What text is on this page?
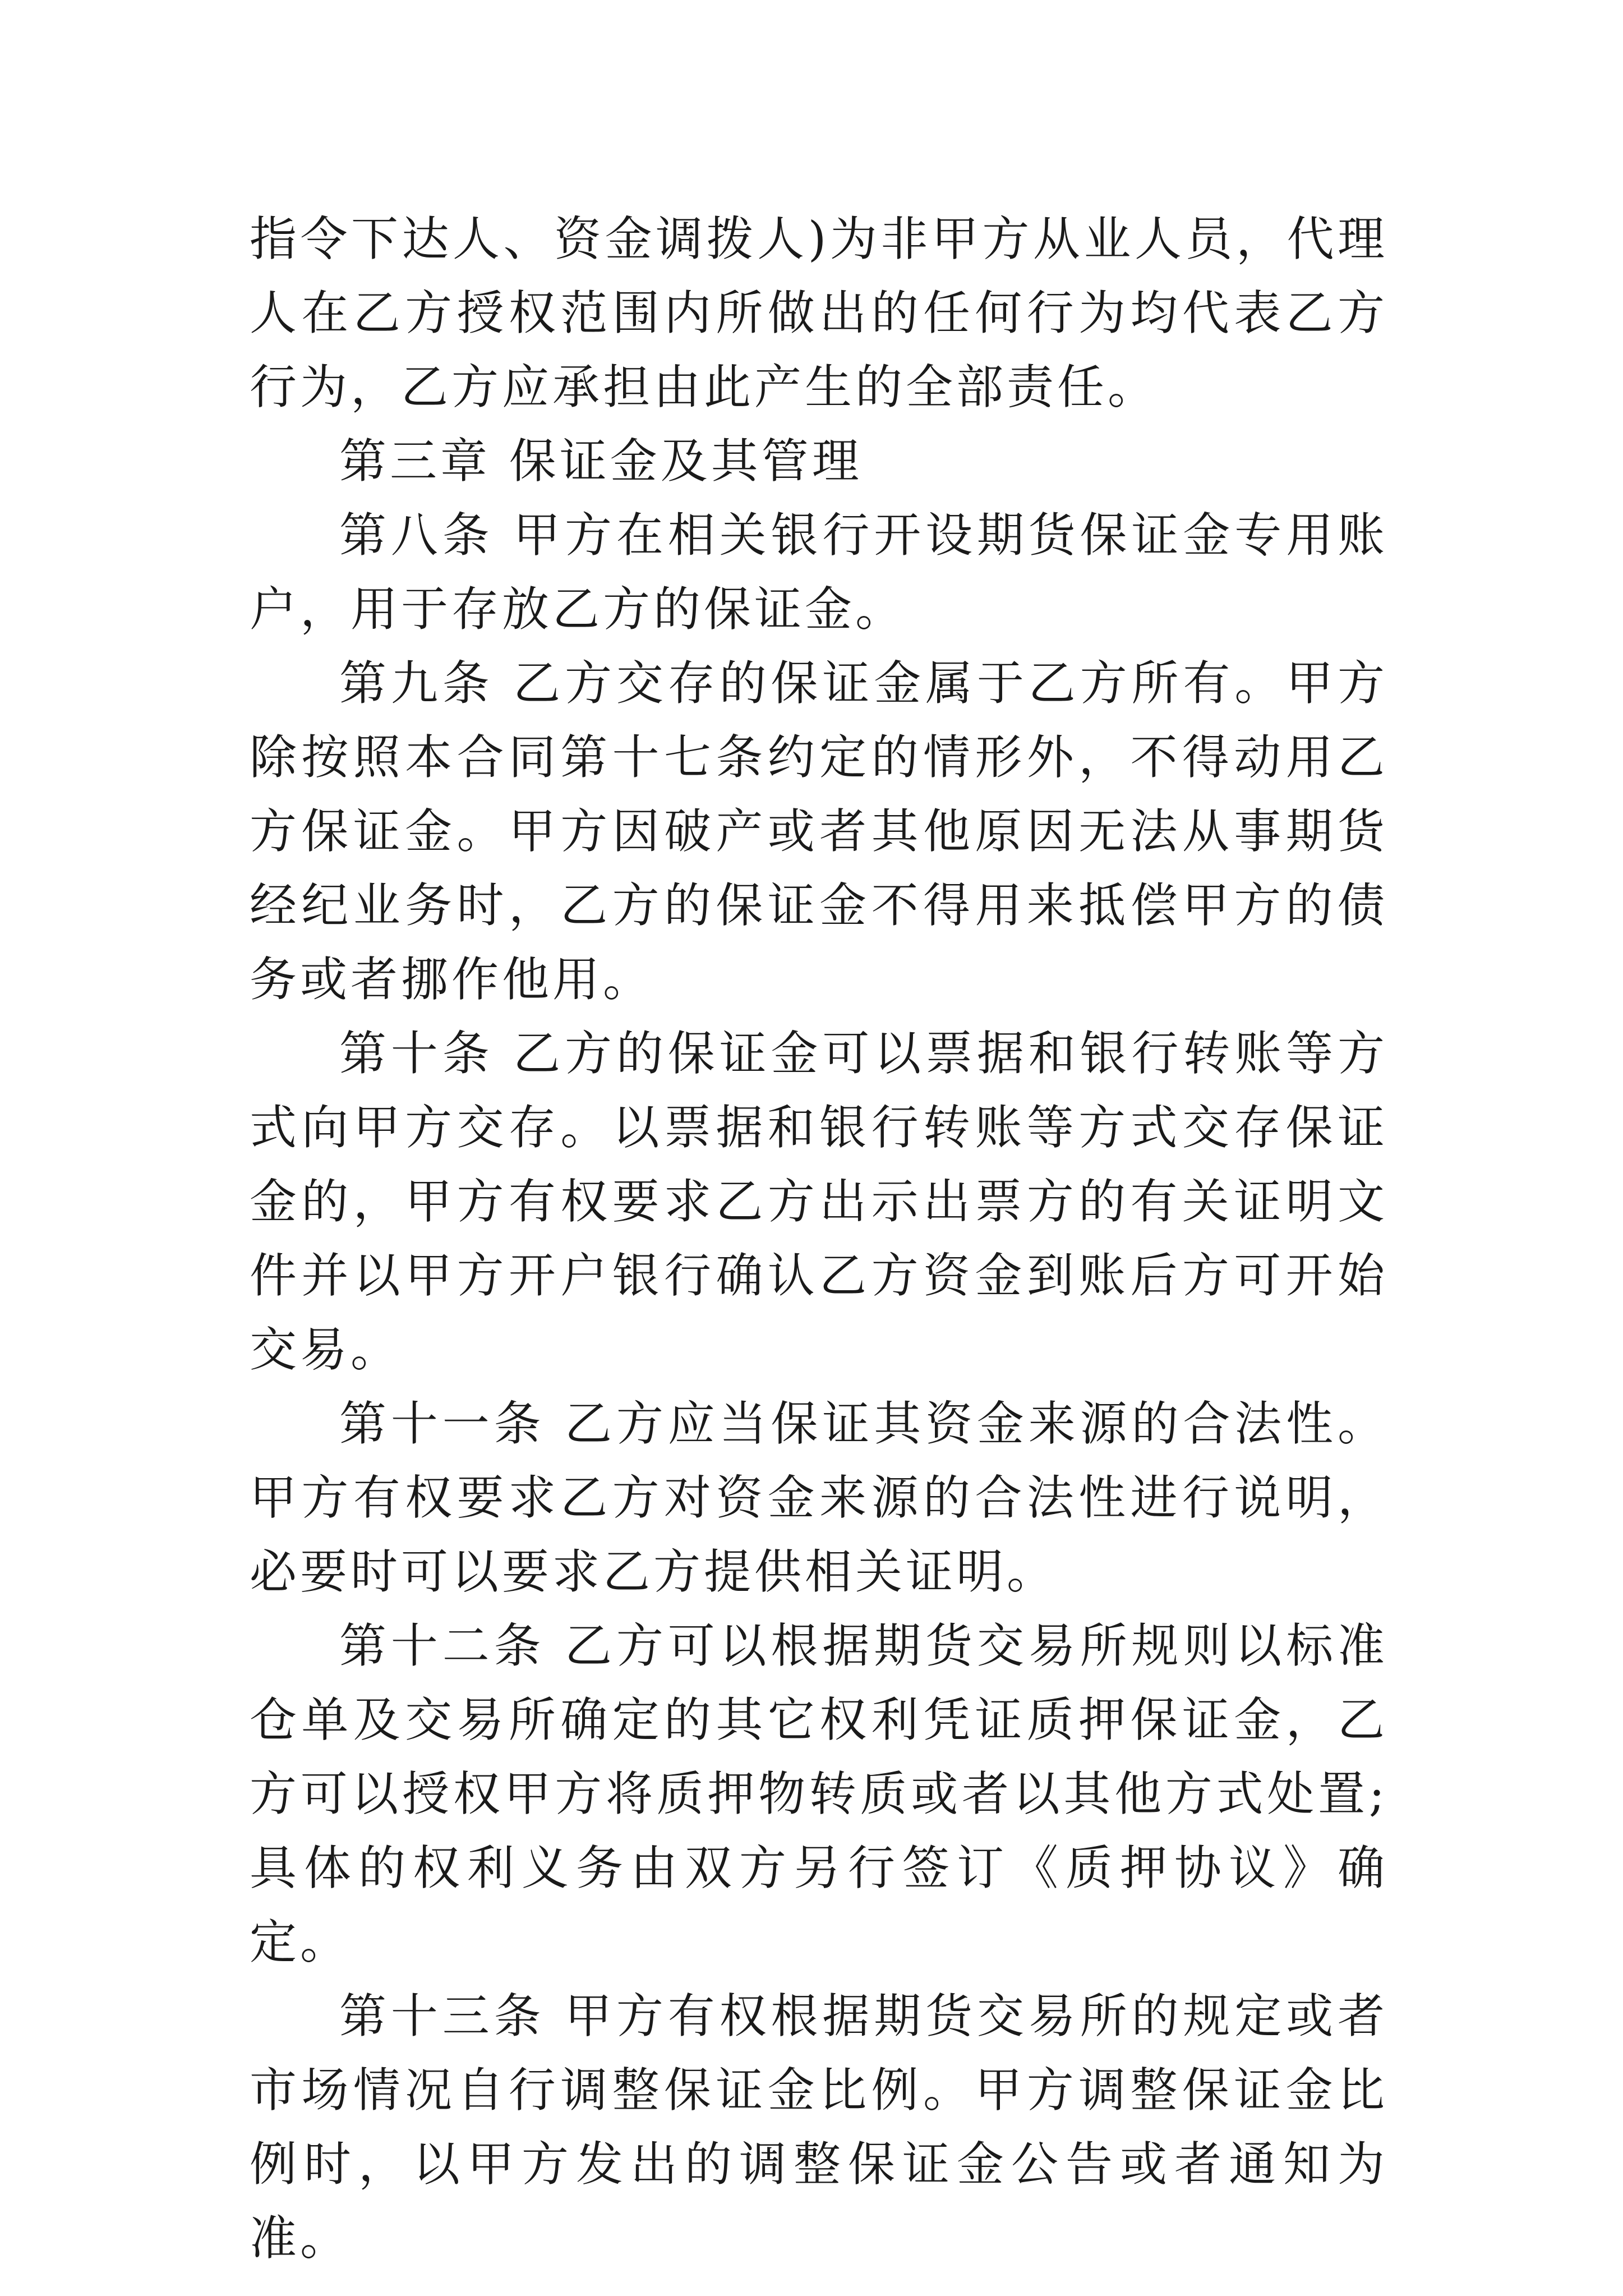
指令下达人、资金调拨人)为非甲方从业人员，代理人在乙方授权范围内所做出的任何行为均代表乙方行为，乙方应承担由此产生的全部责任。

第三章 保证金及其管理

第八条 甲方在相关银行开设期货保证金专用账户，用于存放乙方的保证金。

第九条 乙方交存的保证金属于乙方所有。甲方除按照本合同第十七条约定的情形外，不得动用乙方保证金。甲方因破产或者其他原因无法从事期货经纪业务时，乙方的保证金不得用来抵偿甲方的债务或者挪作他用。

第十条 乙方的保证金可以票据和银行转账等方式向甲方交存。以票据和银行转账等方式交存保证金的，甲方有权要求乙方出示出票方的有关证明文件并以甲方开户银行确认乙方资金到账后方可开始交易。

第十一条 乙方应当保证其资金来源的合法性。甲方有权要求乙方对资金来源的合法性进行说明，必要时可以要求乙方提供相关证明。

第十二条 乙方可以根据期货交易所规则以标准仓单及交易所确定的其它权利凭证质押保证金，乙方可以授权甲方将质押物转质或者以其他方式处置;具体的权利义务由双方另行签订《质押协议》确定。

第十三条 甲方有权根据期货交易所的规定或者市场情况自行调整保证金比例。甲方调整保证金比例时，以甲方发出的调整保证金公告或者通知为准。
